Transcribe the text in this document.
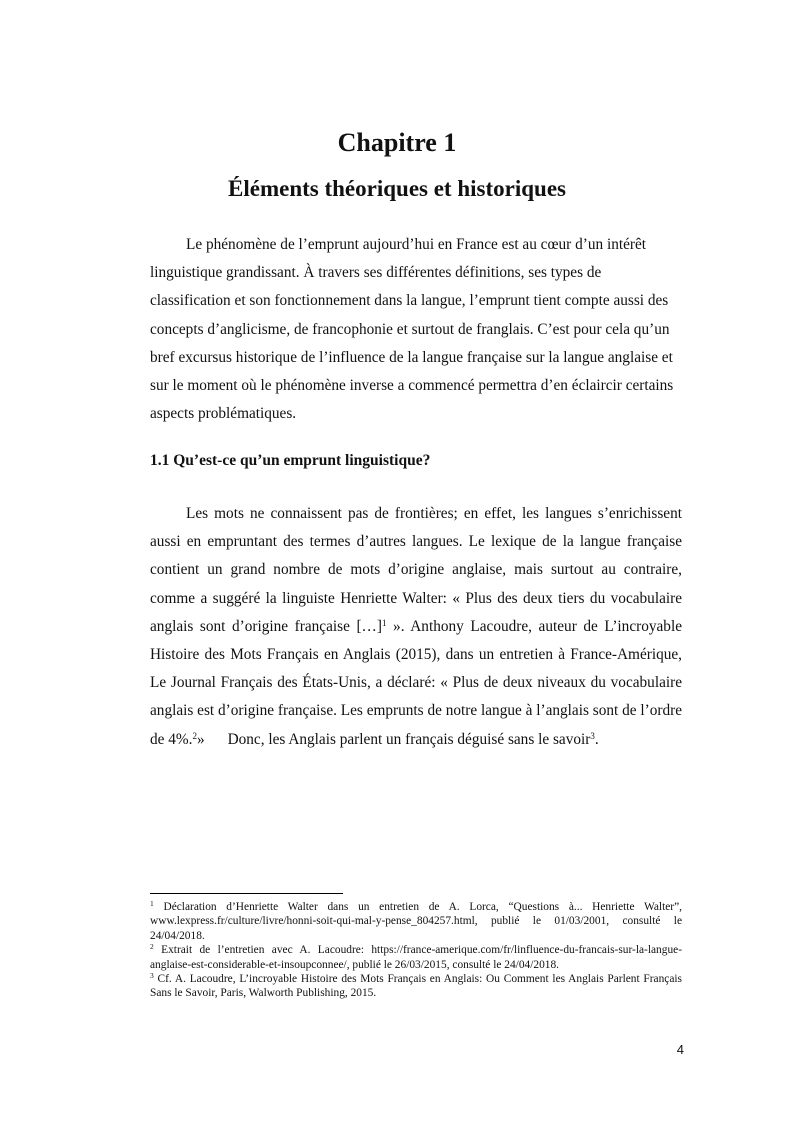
Chapitre 1
Éléments théoriques et historiques
Le phénomène de l’emprunt aujourd’hui en France est au cœur d’un intérêt linguistique grandissant. À travers ses différentes définitions, ses types de classification et son fonctionnement dans la langue, l’emprunt tient compte aussi des concepts d’anglicisme, de francophonie et surtout de franglais. C’est pour cela qu’un bref excursus historique de l’influence de la langue française sur la langue anglaise et sur le moment où le phénomène inverse a commencé permettra d’en éclaircir certains aspects problématiques.
1.1 Qu’est-ce qu’un emprunt linguistique?
Les mots ne connaissent pas de frontières; en effet, les langues s’enrichissent aussi en empruntant des termes d’autres langues. Le lexique de la langue française contient un grand nombre de mots d’origine anglaise, mais surtout au contraire, comme a suggéré la linguiste Henriette Walter: « Plus des deux tiers du vocabulaire anglais sont d’origine française […]$^1$ ». Anthony Lacoudre, auteur de L’incroyable Histoire des Mots Français en Anglais (2015), dans un entretien à France-Amérique, Le Journal Français des États-Unis, a déclaré: « Plus de deux niveaux du vocabulaire anglais est d’origine française. Les emprunts de notre langue à l’anglais sont de l’ordre de 4%.$^2$»      Donc, les Anglais parlent un français déguisé sans le savoir$^3$.

$^1$ Déclaration d’Henriette Walter dans un entretien de A. Lorca, “Questions à... Henriette Walter”, www.lexpress.fr/culture/livre/honni-soit-qui-mal-y-pense_804257.html, publié le 01/03/2001, consulté le 24/04/2018.

$^2$ Extrait de l’entretien avec A. Lacoudre: https://france-amerique.com/fr/linfluence-du-francais-sur-la-langue-anglaise-est-considerable-et-insoupconnee/, publié le 26/03/2015, consulté le 24/04/2018.

$^3$ Cf. A. Lacoudre, L’incroyable Histoire des Mots Français en Anglais: Ou Comment les Anglais Parlent Français Sans le Savoir, Paris, Walworth Publishing, 2015.

4
